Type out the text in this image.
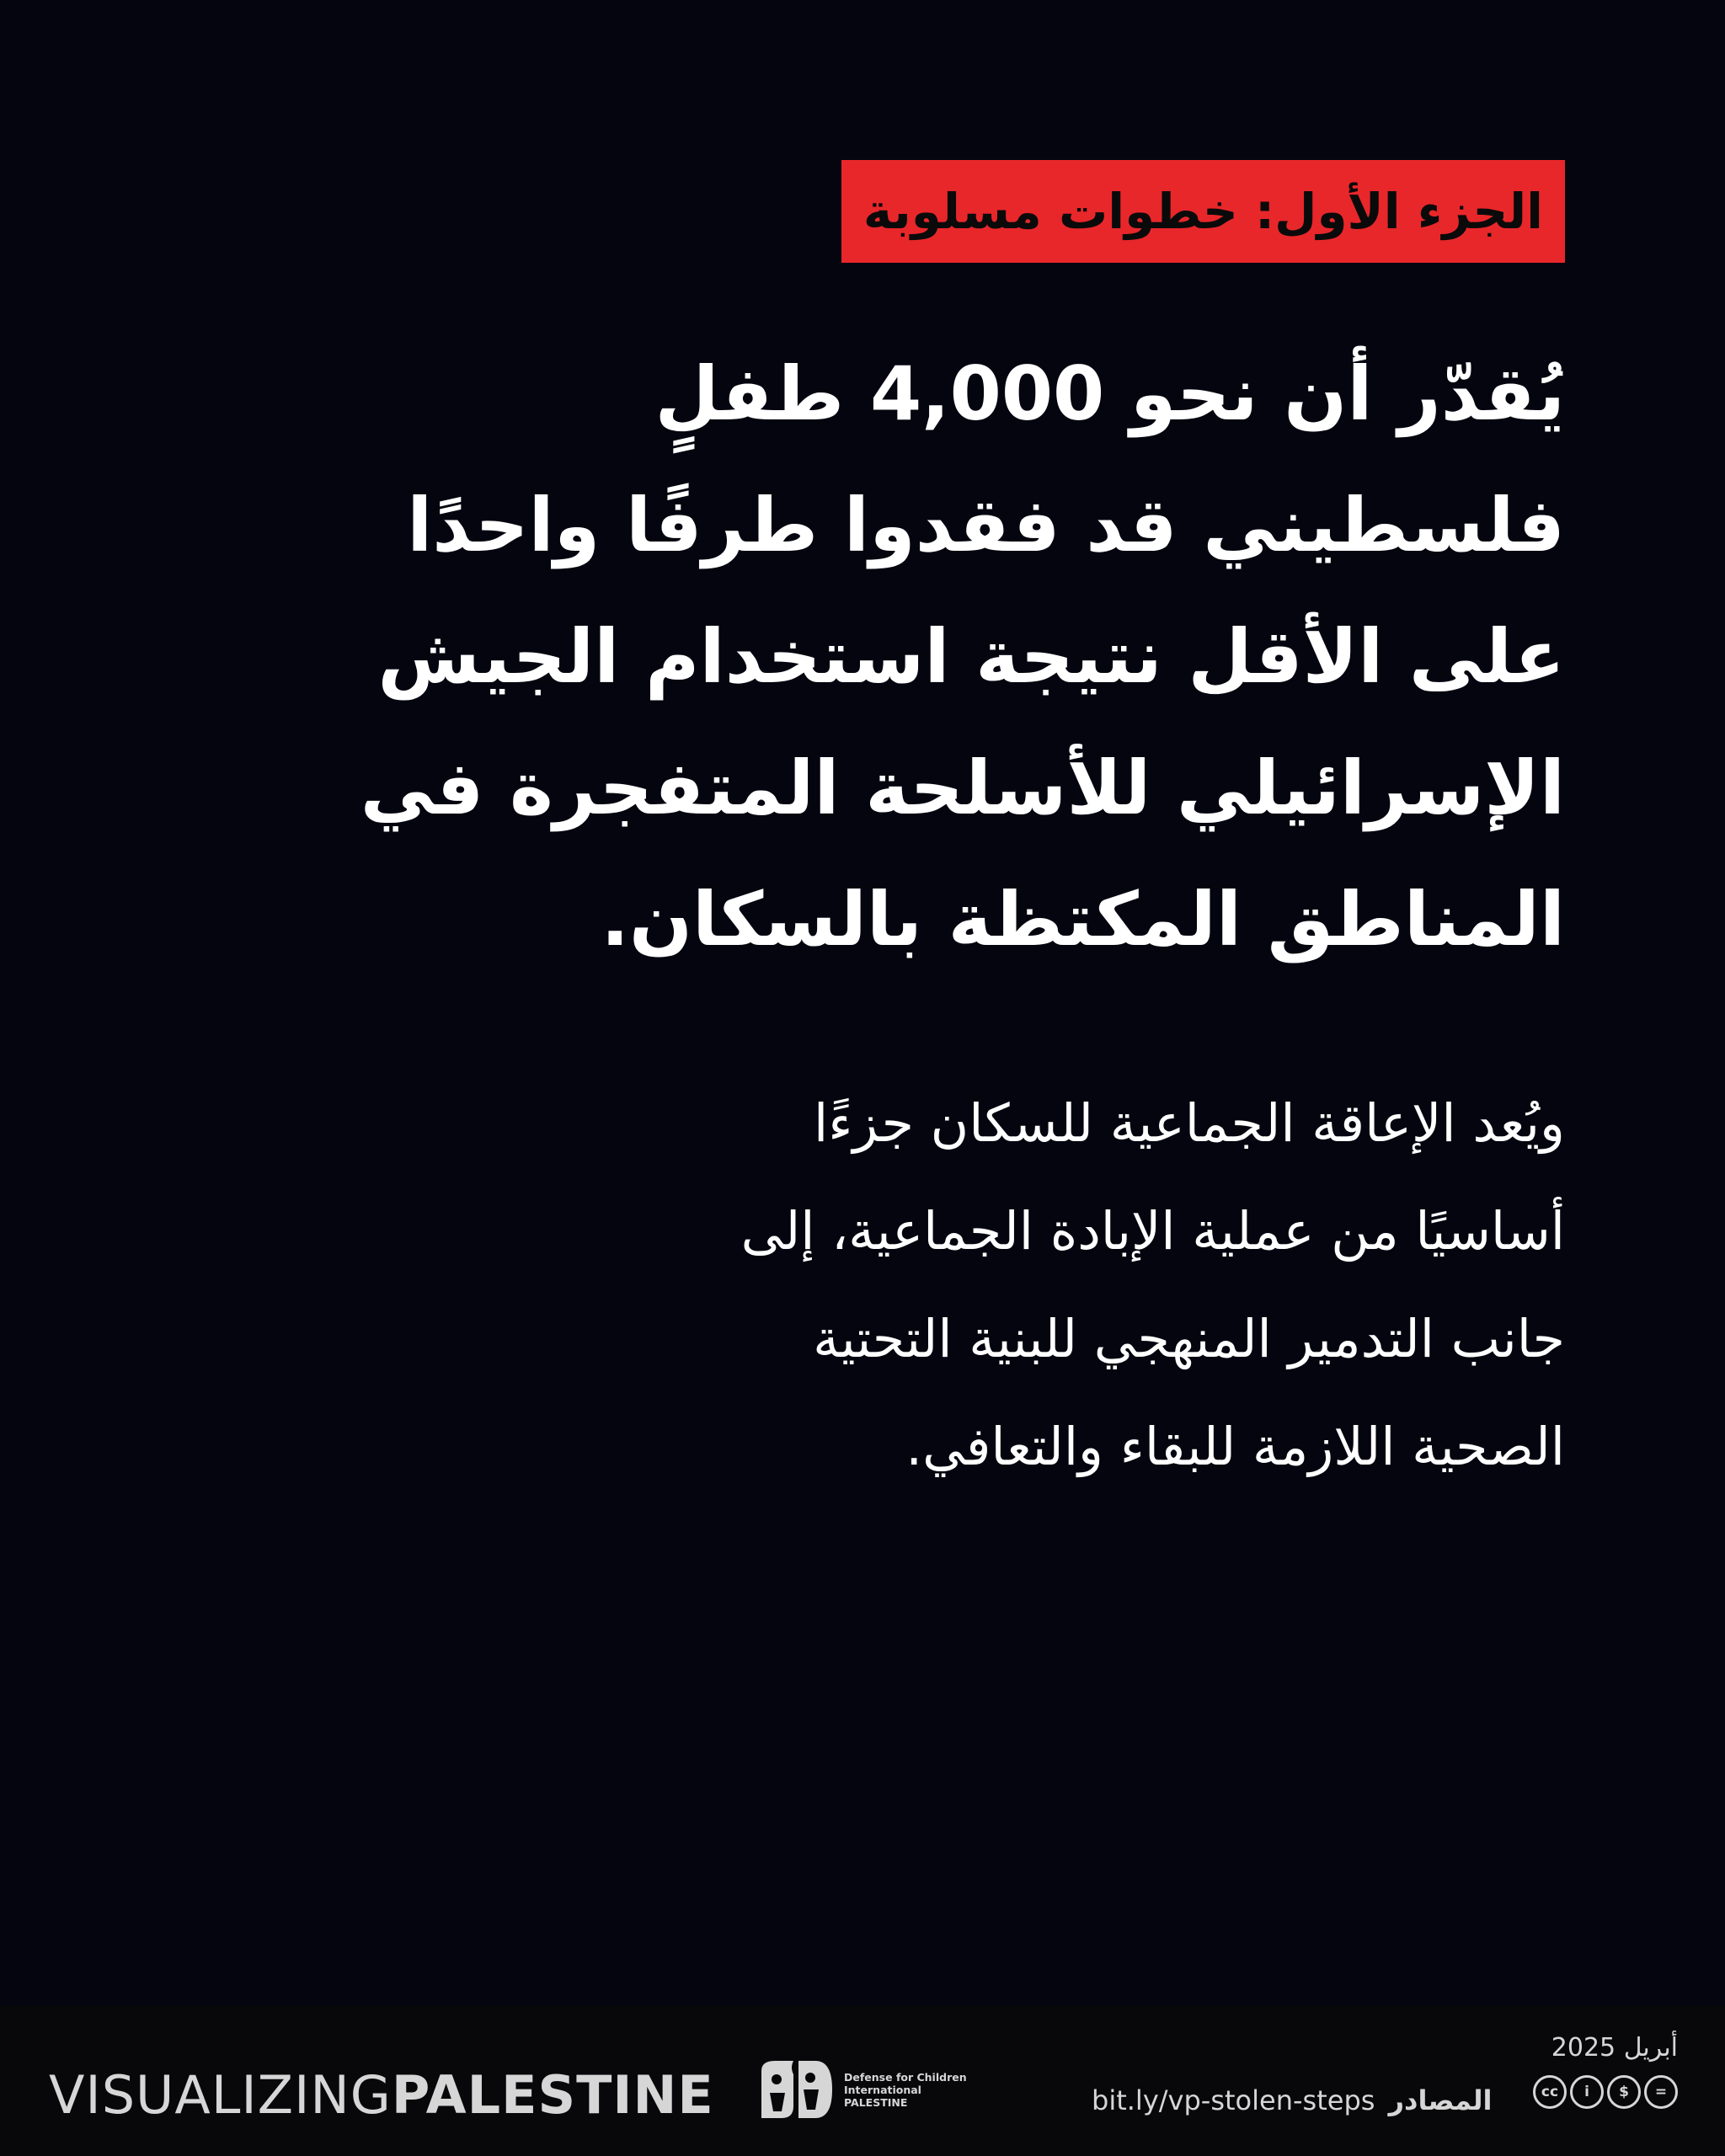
الجزء الأول: خطوات مسلوبة
يُقدّر أن نحو 4,000 طفلٍ
فلسطيني قد فقدوا طرفًا واحدًا
على الأقل نتيجة استخدام الجيش
الإسرائيلي للأسلحة المتفجرة في
المناطق المكتظة بالسكان.

ويُعد الإعاقة الجماعية للسكان جزءًا
أساسيًا من عملية الإبادة الجماعية، إلى
جانب التدمير المنهجي للبنية التحتية
الصحية اللازمة للبقاء والتعافي.

VISUALIZINGPALESTINE	Defense for Children
International
PALESTINE	bit.ly/vp-stolen-steps المصادر
أبريل 2025
cc	i	$	=
